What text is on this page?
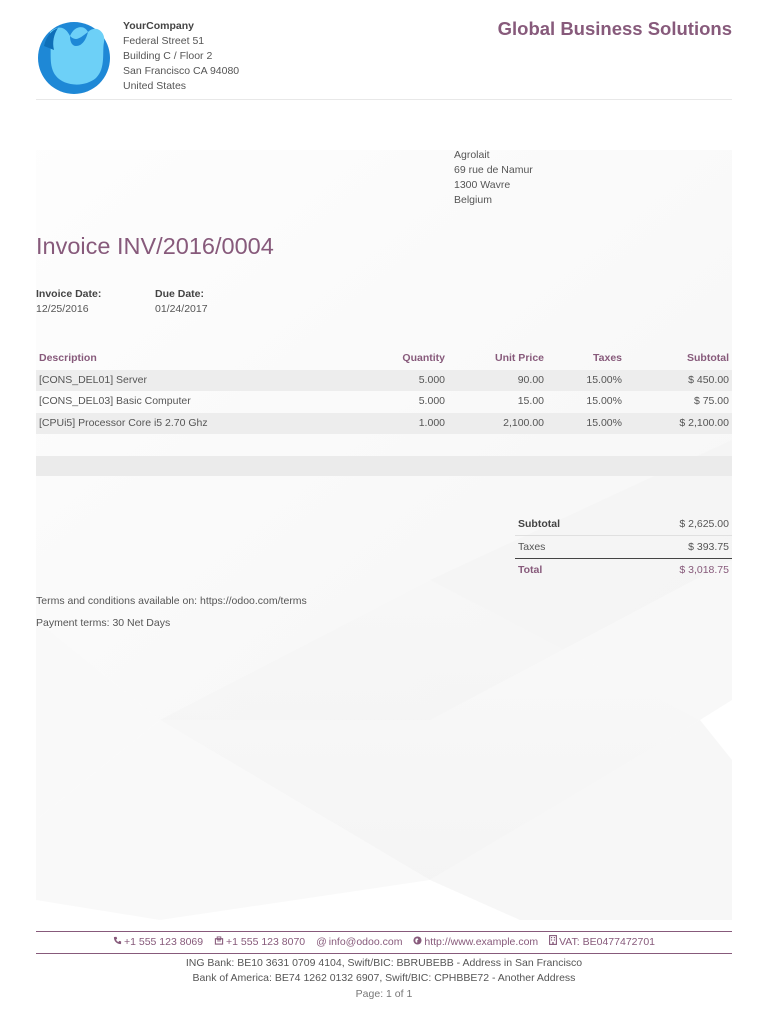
YourCompany
Federal Street 51
Building C / Floor 2
San Francisco CA 94080
United States
Global Business Solutions
Agrolait
69 rue de Namur
1300 Wavre
Belgium
Invoice INV/2016/0004
Invoice Date:
12/25/2016
Due Date:
01/24/2017
Description	Quantity	Unit Price	Taxes	Subtotal
[CONS_DEL01] Server	5.000	90.00	15.00%	$ 450.00
[CONS_DEL03] Basic Computer	5.000	15.00	15.00%	$ 75.00
[CPUi5] Processor Core i5 2.70 Ghz	1.000	2,100.00	15.00%	$ 2,100.00
Subtotal	$ 2,625.00
Taxes	$ 393.75
Total	$ 3,018.75
Terms and conditions available on: https://odoo.com/terms
Payment terms: 30 Net Days
+1 555 123 8069 +1 555 123 8070 @ info@odoo.com http://www.example.com VAT: BE0477472701
ING Bank: BE10 3631 0709 4104, Swift/BIC: BBRUBEBB - Address in San Francisco
Bank of America: BE74 1262 0132 6907, Swift/BIC: CPHBBE72 - Another Address
Page: 1 of 1
